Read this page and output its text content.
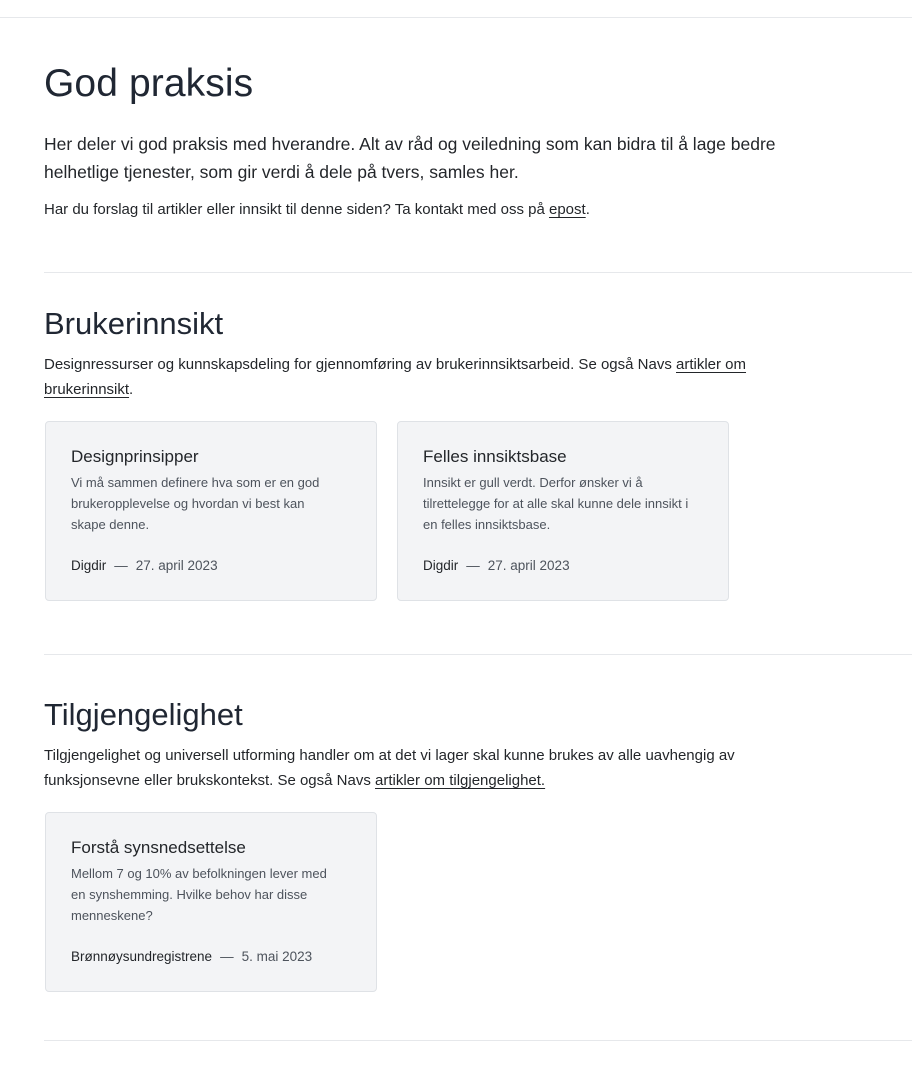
God praksis

Her deler vi god praksis med hverandre. Alt av råd og veiledning som kan bidra til å lage bedre helhetlige tjenester, som gir verdi å dele på tvers, samles her.

Har du forslag til artikler eller innsikt til denne siden? Ta kontakt med oss på epost.

Brukerinnsikt

Designressurser og kunnskapsdeling for gjennomføring av brukerinnsiktsarbeid. Se også Navs artikler om brukerinnsikt.

Designprinsipper

Vi må sammen definere hva som er en god brukeropplevelse og hvordan vi best kan skape denne.

Digdir — 27. april 2023
Felles innsiktsbase

Innsikt er gull verdt. Derfor ønsker vi å tilrettelegge for at alle skal kunne dele innsikt i en felles innsiktsbase.

Digdir — 27. april 2023
Tilgjengelighet

Tilgjengelighet og universell utforming handler om at det vi lager skal kunne brukes av alle uavhengig av funksjonsevne eller brukskontekst. Se også Navs artikler om tilgjengelighet.

Forstå synsnedsettelse

Mellom 7 og 10% av befolkningen lever med en synshemming. Hvilke behov har disse menneskene?

Brønnøysundregistrene — 5. mai 2023
